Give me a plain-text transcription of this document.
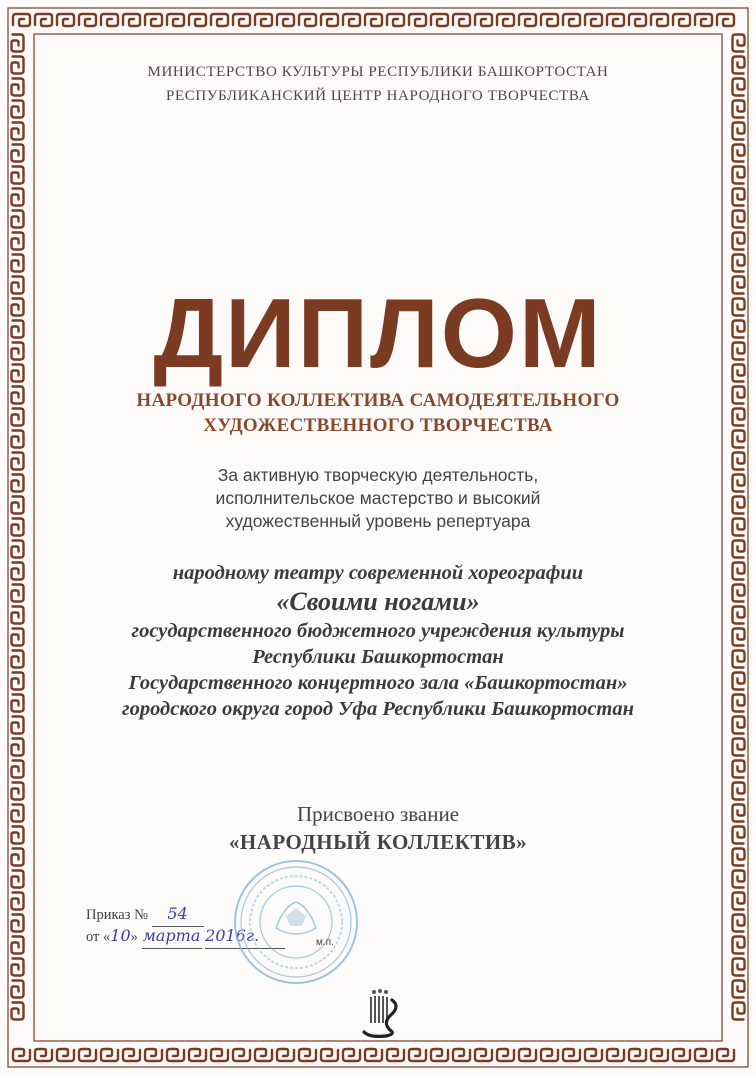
МИНИСТЕРСТВО КУЛЬТУРЫ РЕСПУБЛИКИ БАШКОРТОСТАН
РЕСПУБЛИКАНСКИЙ ЦЕНТР НАРОДНОГО ТВОРЧЕСТВА
ДИПЛОМ
НАРОДНОГО КОЛЛЕКТИВА САМОДЕЯТЕЛЬНОГО
ХУДОЖЕСТВЕННОГО ТВОРЧЕСТВА
За активную творческую деятельность,
исполнительское мастерство и высокий
художественный уровень репертуара
народному театру современной хореографии
«Своими ногами»
государственного бюджетного учреждения культуры
Республики Башкортостан
Государственного концертного зала «Башкортостан»
городского округа город Уфа Республики Башкортостан
Присвоено звание
«НАРОДНЫЙ КОЛЛЕКТИВ»
Приказ № 54
от «10» марта 2016г.	м.п.
